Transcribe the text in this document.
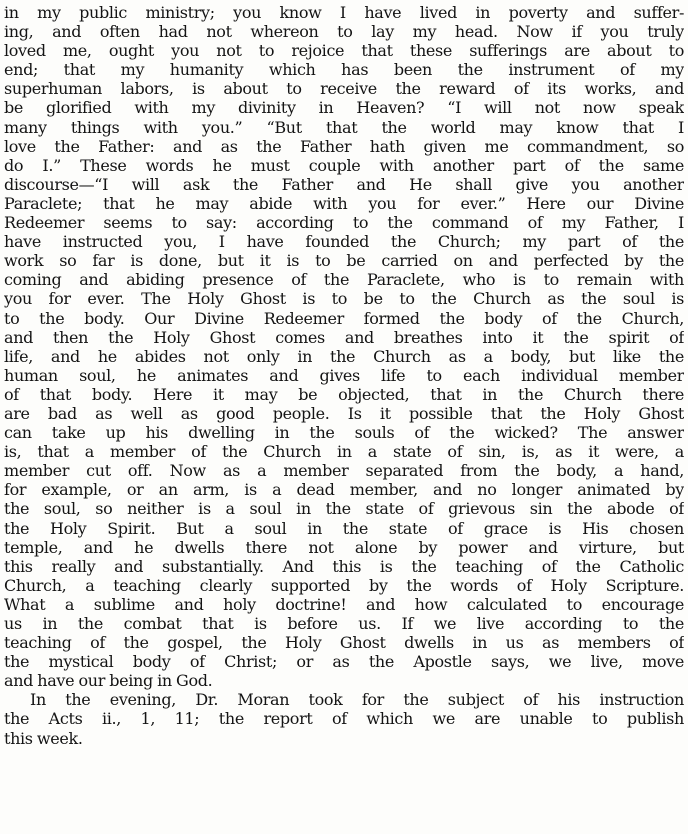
in my public ministry; you know I have lived in poverty and suffer-
ing, and often had not whereon to lay my head. Now if you truly
loved me, ought you not to rejoice that these sufferings are about to
end; that my humanity which has been the instrument of my
superhuman labors, is about to receive the reward of its works, and
be glorified with my divinity in Heaven? “I will not now speak
many things with you.” “But that the world may know that I
love the Father: and as the Father hath given me commandment, so
do I.” These words he must couple with another part of the same
discourse—“I will ask the Father and He shall give you another
Paraclete; that he may abide with you for ever.” Here our Divine
Redeemer seems to say: according to the command of my Father, I
have instructed you, I have founded the Church; my part of the
work so far is done, but it is to be carried on and perfected by the
coming and abiding presence of the Paraclete, who is to remain with
you for ever. The Holy Ghost is to be to the Church as the soul is
to the body. Our Divine Redeemer formed the body of the Church,
and then the Holy Ghost comes and breathes into it the spirit of
life, and he abides not only in the Church as a body, but like the
human soul, he animates and gives life to each individual member
of that body. Here it may be objected, that in the Church there
are bad as well as good people. Is it possible that the Holy Ghost
can take up his dwelling in the souls of the wicked? The answer
is, that a member of the Church in a state of sin, is, as it were, a
member cut off. Now as a member separated from the body, a hand,
for example, or an arm, is a dead member, and no longer animated by
the soul, so neither is a soul in the state of grievous sin the abode of
the Holy Spirit. But a soul in the state of grace is His chosen
temple, and he dwells there not alone by power and virture, but
this really and substantially. And this is the teaching of the Catholic
Church, a teaching clearly supported by the words of Holy Scripture.
What a sublime and holy doctrine! and how calculated to encourage
us in the combat that is before us. If we live according to the
teaching of the gospel, the Holy Ghost dwells in us as members of
the mystical body of Christ; or as the Apostle says, we live, move
and have our being in God.
In the evening, Dr. Moran took for the subject of his instruction
the Acts ii., 1, 11; the report of which we are unable to publish
this week.
